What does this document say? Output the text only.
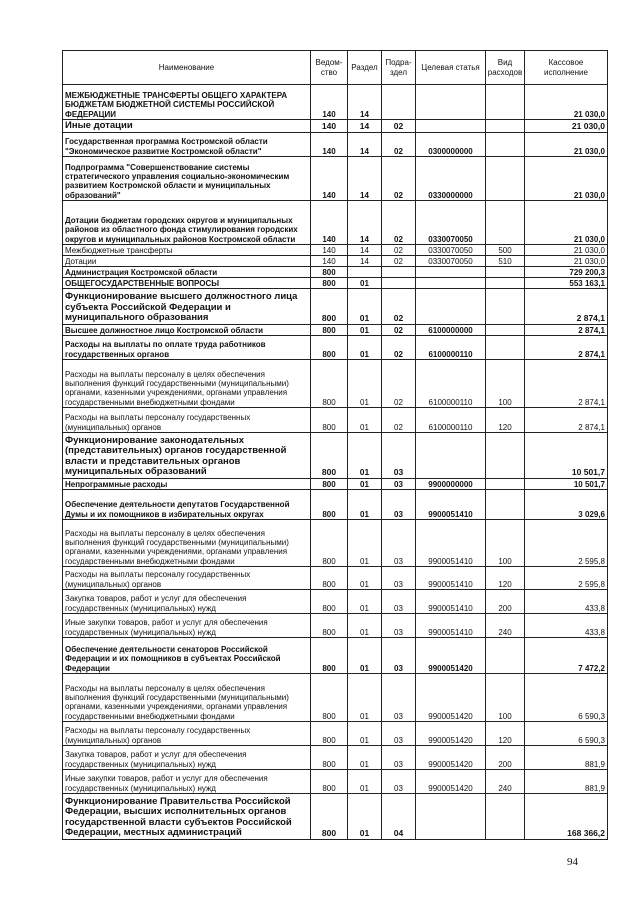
Наименование	Ведом-ство	Раздел	Подра-здел	Целевая статья	Вид расходов	Кассовое исполнение
МЕЖБЮДЖЕТНЫЕ ТРАНСФЕРТЫ ОБЩЕГО ХАРАКТЕРА БЮДЖЕТАМ БЮДЖЕТНОЙ СИСТЕМЫ РОССИЙСКОЙ ФЕДЕРАЦИИ	140	14				21 030,0
Иные дотации	140	14	02			21 030,0
Государственная программа Костромской области "Экономическое развитие Костромской области"	140	14	02	0300000000		21 030,0
Подпрограмма "Совершенствование системы стратегического управления социально-экономическим развитием Костромской области и муниципальных образований"	140	14	02	0330000000		21 030,0
Дотации бюджетам городских округов и муниципальных районов из областного фонда стимулирования городских округов и муниципальных районов Костромской области	140	14	02	0330070050		21 030,0
Межбюджетные трансферты	140	14	02	0330070050	500	21 030,0
Дотации	140	14	02	0330070050	510	21 030,0
Администрация Костромской области	800					729 200,3
ОБЩЕГОСУДАРСТВЕННЫЕ ВОПРОСЫ	800	01				553 163,1
Функционирование высшего должностного лица субъекта Российской Федерации и муниципального образования	800	01	02			2 874,1
Высшее должностное лицо Костромской области	800	01	02	6100000000		2 874,1
Расходы на выплаты по оплате труда работников государственных органов	800	01	02	6100000110		2 874,1
Расходы на выплаты персоналу в целях обеспечения выполнения функций государственными (муниципальными) органами, казенными учреждениями, органами управления государственными внебюджетными фондами	800	01	02	6100000110	100	2 874,1
Расходы на выплаты персоналу государственных (муниципальных) органов	800	01	02	6100000110	120	2 874,1
Функционирование законодательных (представительных) органов государственной власти и представительных органов муниципальных образований	800	01	03			10 501,7
Непрограммные расходы	800	01	03	9900000000		10 501,7
Обеспечение деятельности депутатов Государственной Думы и их помощников в избирательных округах	800	01	03	9900051410		3 029,6
Расходы на выплаты персоналу в целях обеспечения выполнения функций государственными (муниципальными) органами, казенными учреждениями, органами управления государственными внебюджетными фондами	800	01	03	9900051410	100	2 595,8
Расходы на выплаты персоналу государственных (муниципальных) органов	800	01	03	9900051410	120	2 595,8
Закупка товаров, работ и услуг для обеспечения государственных (муниципальных) нужд	800	01	03	9900051410	200	433,8
Иные закупки товаров, работ и услуг для обеспечения государственных (муниципальных) нужд	800	01	03	9900051410	240	433,8
Обеспечение деятельности сенаторов Российской Федерации и их помощников в субъектах Российской Федерации	800	01	03	9900051420		7 472,2
Расходы на выплаты персоналу в целях обеспечения выполнения функций государственными (муниципальными) органами, казенными учреждениями, органами управления государственными внебюджетными фондами	800	01	03	9900051420	100	6 590,3
Расходы на выплаты персоналу государственных (муниципальных) органов	800	01	03	9900051420	120	6 590,3
Закупка товаров, работ и услуг для обеспечения государственных (муниципальных) нужд	800	01	03	9900051420	200	881,9
Иные закупки товаров, работ и услуг для обеспечения государственных (муниципальных) нужд	800	01	03	9900051420	240	881,9
Функционирование Правительства Российской Федерации, высших исполнительных органов государственной власти субъектов Российской Федерации, местных администраций	800	01	04			168 366,2
94
